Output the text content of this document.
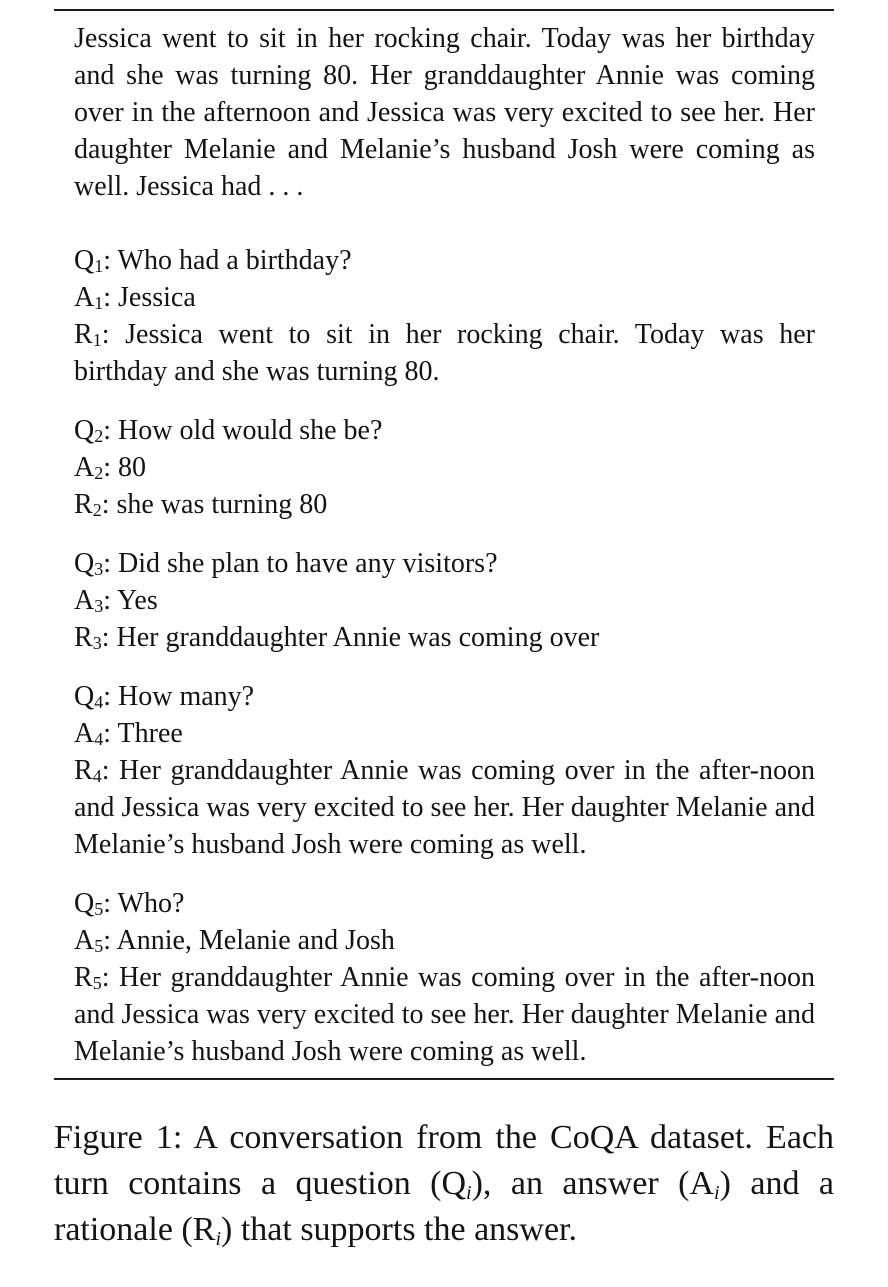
Jessica went to sit in her rocking chair. Today was her birthday and she was turning 80. Her granddaughter Annie was coming over in the afternoon and Jessica was very excited to see her. Her daughter Melanie and Melanie’s husband Josh were coming as well. Jessica had . . .

$Q_1$: Who had a birthday?
$A_1$: Jessica
$R_1$: Jessica went to sit in her rocking chair. Today was her birthday and she was turning 80.
$Q_2$: How old would she be?
$A_2$: 80
$R_2$: she was turning 80
$Q_3$: Did she plan to have any visitors?
$A_3$: Yes
$R_3$: Her granddaughter Annie was coming over
$Q_4$: How many?
$A_4$: Three
$R_4$: Her granddaughter Annie was coming over in the after-noon and Jessica was very excited to see her. Her daughter Melanie and Melanie’s husband Josh were coming as well.
$Q_5$: Who?
$A_5$: Annie, Melanie and Josh
$R_5$: Her granddaughter Annie was coming over in the after-noon and Jessica was very excited to see her. Her daughter Melanie and Melanie’s husband Josh were coming as well.

Figure 1: A conversation from the CoQA dataset. Each turn contains a question (Qi), an answer (Ai) and a rationale (Ri) that supports the answer.
